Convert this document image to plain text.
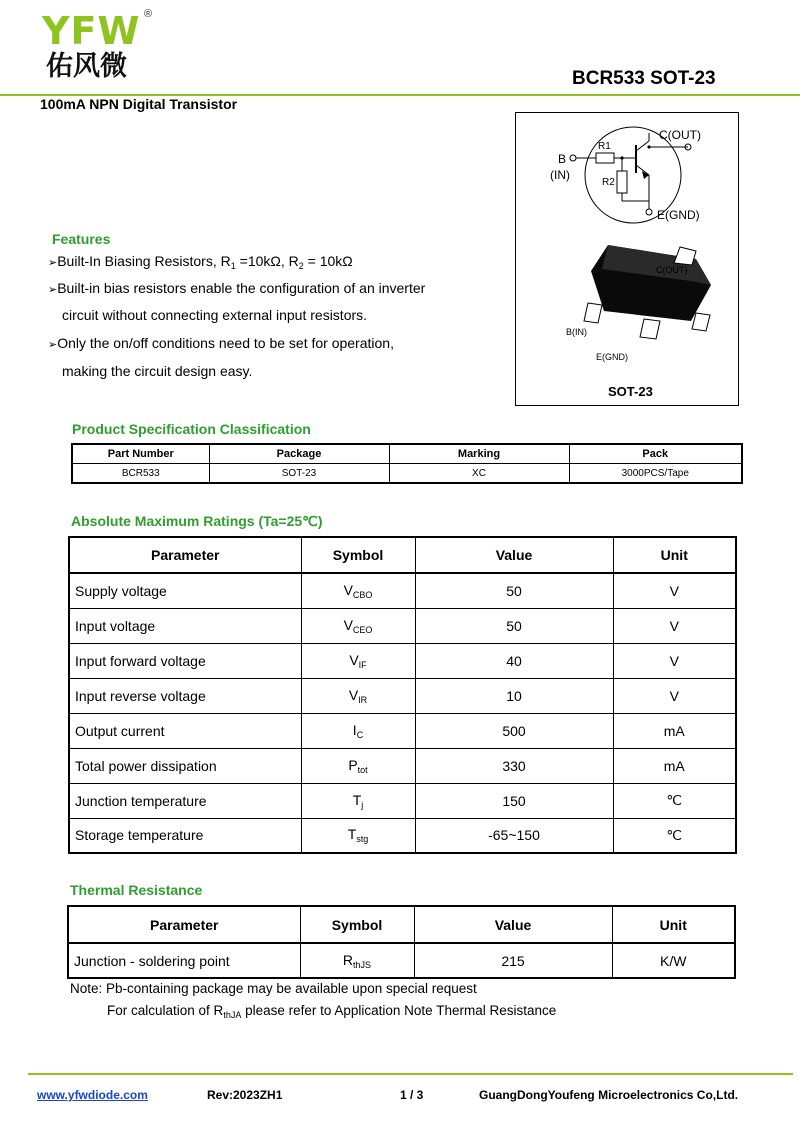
YFW ®
佑风微	BCR533 SOT-23
100mA NPN Digital Transistor
Features
➢Built-In Biasing Resistors, $R_1 =10k\Omega$, $R_2 = 10k\Omega$
➢Built-in bias resistors enable the configuration of an inverter
circuit without connecting external input resistors.
➢Only the on/off conditions need to be set for operation,
making the circuit design easy.
C(OUT)
B
(IN)
R1
R2
E(GND)
C(OUT)
B(IN)
E(GND)
SOT-23
Product Specification Classification
Part Number	Package	Marking	Pack
BCR533	SOT-23	XC	3000PCS/Tape
Absolute Maximum Ratings (Ta=25℃)
Parameter	Symbol	Value	Unit
Supply voltage	$V_{CBO}$	50	V
Input voltage	$V_{CEO}$	50	V
Input forward voltage	$V_{IF}$	40	V
Input reverse voltage	$V_{IR}$	10	V
Output current	$I_C$	500	mA
Total power dissipation	$P_{tot}$	330	mA
Junction temperature	$T_j$	150	℃
Storage temperature	$T_{stg}$	-65~150	℃
Thermal Resistance
Parameter	Symbol	Value	Unit
Junction - soldering point	$R_{thJS}$	215	K/W
Note: Pb-containing package may be available upon special request
For calculation of $R_{thJA}$ please refer to Application Note Thermal Resistance
www.yfwdiode.com	Rev:2023ZH1	1 / 3	GuangDongYoufeng Microelectronics Co,Ltd.
